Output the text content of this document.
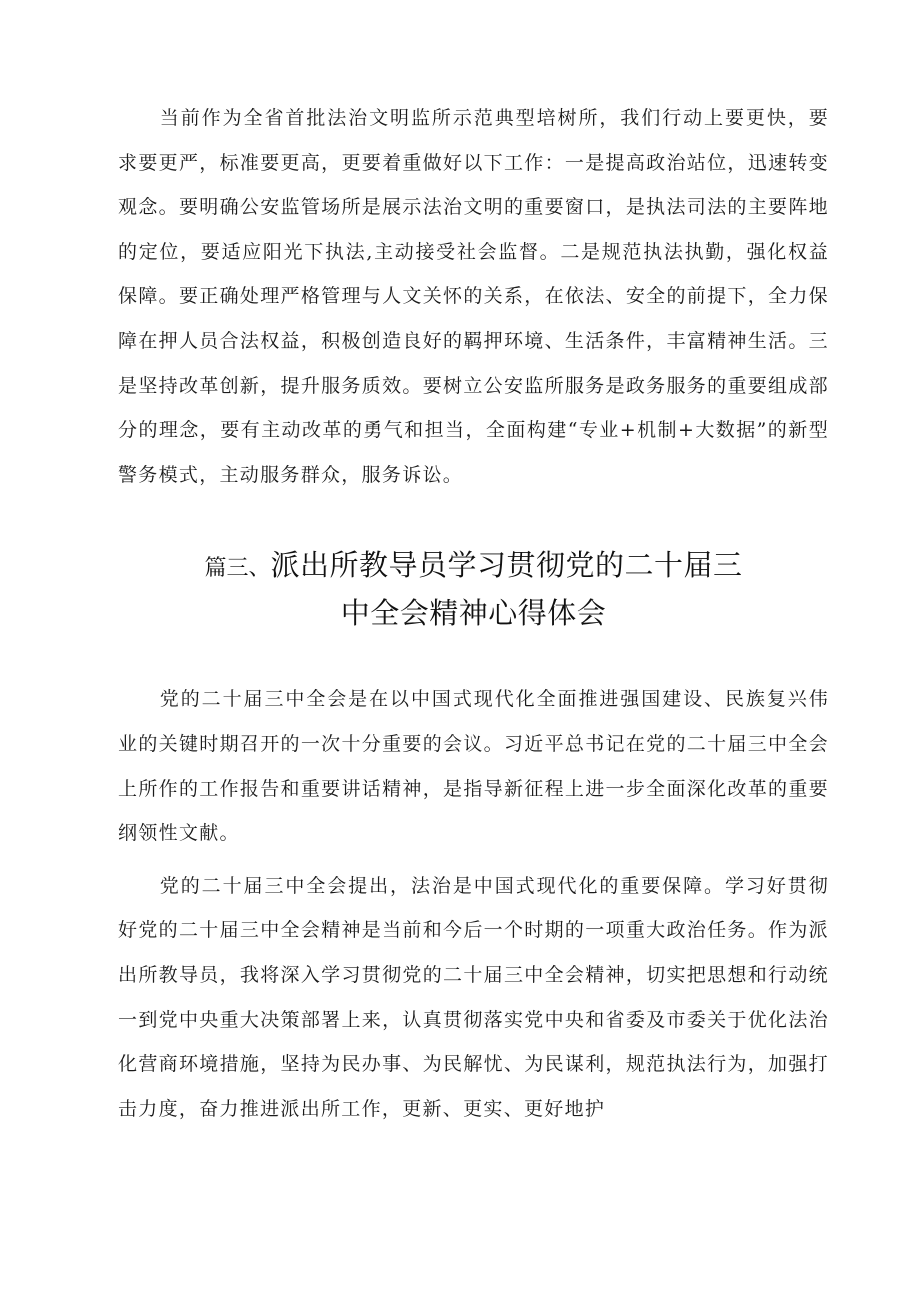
当前作为全省首批法治文明监所示范典型培树所，我们行动上要更快，要求要更严，标准要更高，更要着重做好以下工作：一是提高政治站位，迅速转变观念。要明确公安监管场所是展示法治文明的重要窗口，是执法司法的主要阵地的定位，要适应阳光下执法,主动接受社会监督。二是规范执法执勤，强化权益保障。要正确处理严格管理与人文关怀的关系，在依法、安全的前提下，全力保障在押人员合法权益，积极创造良好的羁押环境、生活条件，丰富精神生活。三是坚持改革创新，提升服务质效。要树立公安监所服务是政务服务的重要组成部分的理念，要有主动改革的勇气和担当，全面构建“专业+机制+大数据”的新型警务模式，主动服务群众，服务诉讼。

篇三、派出所教导员学习贯彻党的二十届三
中全会精神心得体会

党的二十届三中全会是在以中国式现代化全面推进强国建设、民族复兴伟业的关键时期召开的一次十分重要的会议。习近平总书记在党的二十届三中全会上所作的工作报告和重要讲话精神，是指导新征程上进一步全面深化改革的重要纲领性文献。

党的二十届三中全会提出，法治是中国式现代化的重要保障。学习好贯彻好党的二十届三中全会精神是当前和今后一个时期的一项重大政治任务。作为派出所教导员，我将深入学习贯彻党的二十届三中全会精神，切实把思想和行动统一到党中央重大决策部署上来，认真贯彻落实党中央和省委及市委关于优化法治化营商环境措施，坚持为民办事、为民解忧、为民谋利，规范执法行为，加强打击力度，奋力推进派出所工作，更新、更实、更好地护
